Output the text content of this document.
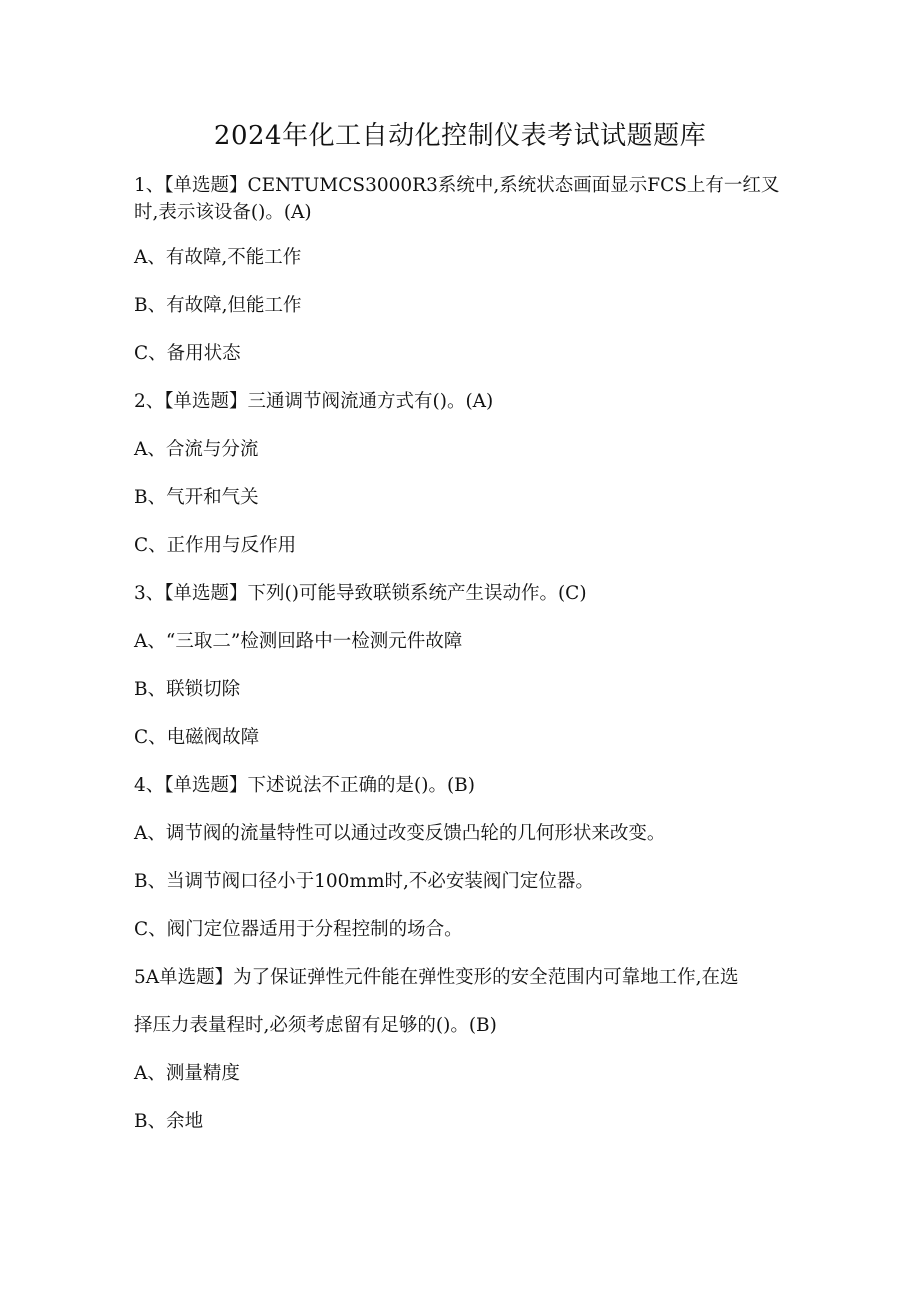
2024年化工自动化控制仪表考试试题题库
1、【单选题】CENTUMCS3000R3系统中,系统状态画面显示FCS上有一红叉
时,表示该设备()。(A)
A、有故障,不能工作
B、有故障,但能工作
C、备用状态
2、【单选题】三通调节阀流通方式有()。(A)
A、合流与分流
B、气开和气关
C、正作用与反作用
3、【单选题】下列()可能导致联锁系统产生误动作。(C)
A、“三取二”检测回路中一检测元件故障
B、联锁切除
C、电磁阀故障
4、【单选题】下述说法不正确的是()。(B)
A、调节阀的流量特性可以通过改变反馈凸轮的几何形状来改变。
B、当调节阀口径小于100mm时,不必安装阀门定位器。
C、阀门定位器适用于分程控制的场合。
5A单选题】为了保证弹性元件能在弹性变形的安全范围内可靠地工作,在选
择压力表量程时,必须考虑留有足够的()。(B)
A、测量精度
B、余地
